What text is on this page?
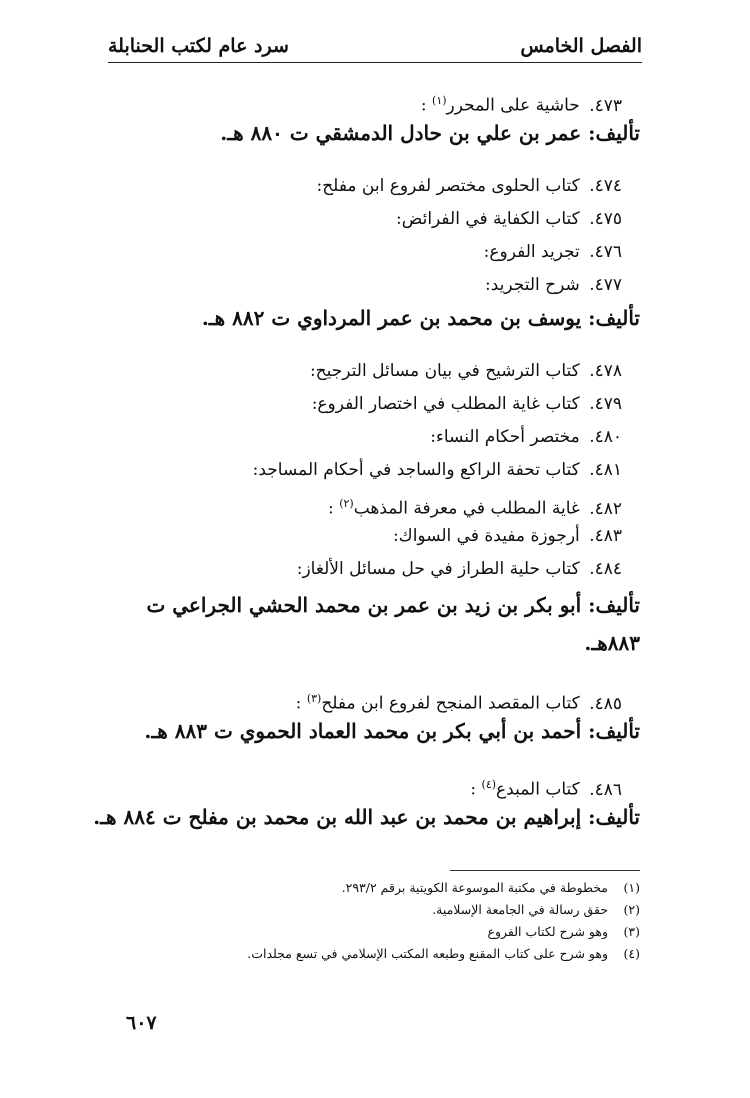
الفصل الخامس
سرد عام لكتب الحنابلة
٤٧٣. حاشية على المحرر$^{(١)}$ :
تأليف: عمر بن علي بن حادل الدمشقي ت ٨٨٠ هـ.
٤٧٤. كتاب الحلوى مختصر لفروع ابن مفلح:
٤٧٥. كتاب الكفاية في الفرائض:
٤٧٦. تجريد الفروع:
٤٧٧. شرح التجريد:
تأليف: يوسف بن محمد بن عمر المرداوي ت ٨٨٢ هـ.
٤٧٨. كتاب الترشيح في بيان مسائل الترجيح:
٤٧٩. كتاب غاية المطلب في اختصار الفروع:
٤٨٠. مختصر أحكام النساء:
٤٨١. كتاب تحفة الراكع والساجد في أحكام المساجد:
٤٨٢. غاية المطلب في معرفة المذهب$^{(٢)}$ :
٤٨٣. أرجوزة مفيدة في السواك:
٤٨٤. كتاب حلية الطراز في حل مسائل الألغاز:
تأليف: أبو بكر بن زيد بن عمر بن محمد الحشي الجراعي ت ٨٨٣هـ.
٤٨٥. كتاب المقصد المنجح لفروع ابن مفلح$^{(٣)}$ :
تأليف: أحمد بن أبي بكر بن محمد العماد الحموي ت ٨٨٣ هـ.
٤٨٦. كتاب المبدع$^{(٤)}$ :
تأليف: إبراهيم بن محمد بن عبد الله بن محمد بن مفلح ت ٨٨٤ هـ.
(١) مخطوطة في مكتبة الموسوعة الكويتية برقم ٢٩٣/٢.
(٢) حقق رسالة في الجامعة الإسلامية.
(٣) وهو شرح لكتاب الفروع
(٤) وهو شرح على كتاب المقنع وطبعه المكتب الإسلامي في تسع مجلدات.
٦٠٧
